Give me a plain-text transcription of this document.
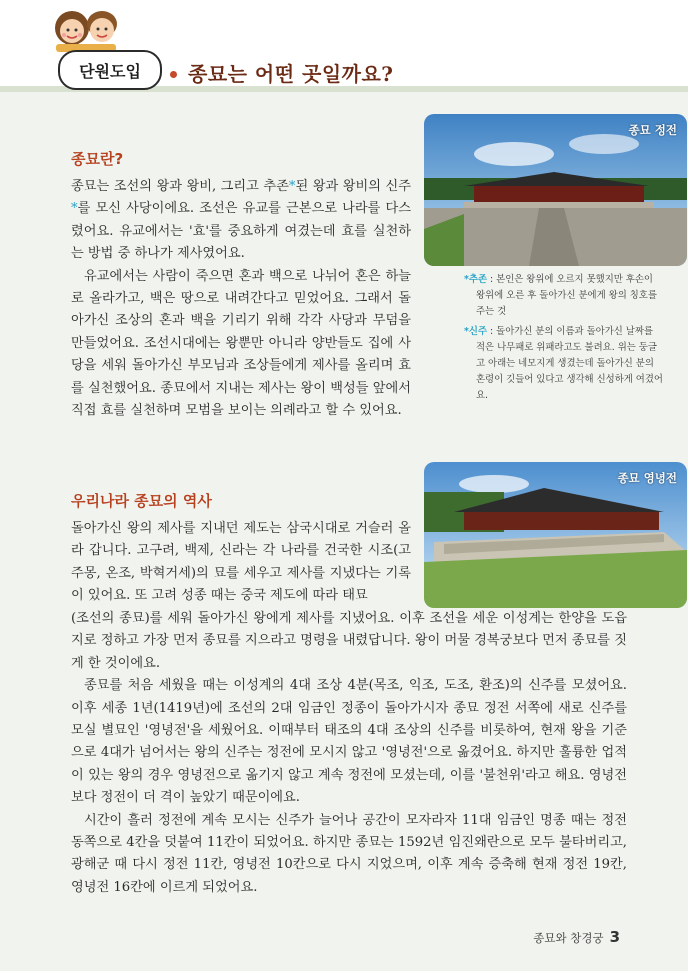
단원도입	종묘는 어떤 곳일까요?
종묘 정전
종묘란?

종묘는 조선의 왕과 왕비, 그리고 추존*된 왕과 왕비의 신주*를 모신 사당이에요. 조선은 유교를 근본으로 나라를 다스렸어요. 유교에서는 '효'를 중요하게 여겼는데 효를 실천하는 방법 중 하나가 제사였어요.

유교에서는 사람이 죽으면 혼과 백으로 나뉘어 혼은 하늘로 올라가고, 백은 땅으로 내려간다고 믿었어요. 그래서 돌아가신 조상의 혼과 백을 기리기 위해 각각 사당과 무덤을 만들었어요. 조선시대에는 왕뿐만 아니라 양반들도 집에 사당을 세워 돌아가신 부모님과 조상들에게 제사를 올리며 효를 실천했어요. 종묘에서 지내는 제사는 왕이 백성들 앞에서 직접 효를 실천하며 모범을 보이는 의례라고 할 수 있어요.

*추존 : 본인은 왕위에 오르지 못했지만 후손이 왕위에 오른 후 돌아가신 분에게 왕의 칭호를 주는 것
*신주 : 돌아가신 분의 이름과 돌아가신 날짜를 적은 나무패로 위패라고도 불려요. 위는 둥글고 아래는 네모지게 생겼는데 돌아가신 분의 혼령이 깃들어 있다고 생각해 신성하게 여겼어요.
종묘 영녕전
우리나라 종묘의 역사

돌아가신 왕의 제사를 지내던 제도는 삼국시대로 거슬러 올라 갑니다. 고구려, 백제, 신라는 각 나라를 건국한 시조(고주몽, 온조, 박혁거세)의 묘를 세우고 제사를 지냈다는 기록이 있어요. 또 고려 성종 때는 중국 제도에 따라 태묘

(조선의 종묘)를 세워 돌아가신 왕에게 제사를 지냈어요. 이후 조선을 세운 이성계는 한양을 도읍지로 정하고 가장 먼저 종묘를 지으라고 명령을 내렸답니다. 왕이 머물 경복궁보다 먼저 종묘를 짓게 한 것이에요.

종묘를 처음 세웠을 때는 이성계의 4대 조상 4분(목조, 익조, 도조, 환조)의 신주를 모셨어요. 이후 세종 1년(1419년)에 조선의 2대 임금인 정종이 돌아가시자 종묘 정전 서쪽에 새로 신주를 모실 별묘인 '영녕전'을 세웠어요. 이때부터 태조의 4대 조상의 신주를 비롯하여, 현재 왕을 기준으로 4대가 넘어서는 왕의 신주는 정전에 모시지 않고 '영녕전'으로 옮겼어요. 하지만 훌륭한 업적이 있는 왕의 경우 영녕전으로 옮기지 않고 계속 정전에 모셨는데, 이를 '불천위'라고 해요. 영녕전보다 정전이 더 격이 높았기 때문이에요.

시간이 흘러 정전에 계속 모시는 신주가 늘어나 공간이 모자라자 11대 임금인 명종 때는 정전 동쪽으로 4칸을 덧붙여 11칸이 되었어요. 하지만 종묘는 1592년 임진왜란으로 모두 불타버리고, 광해군 때 다시 정전 11칸, 영녕전 10칸으로 다시 지었으며, 이후 계속 증축해 현재 정전 19칸, 영녕전 16칸에 이르게 되었어요.

종묘와 창경궁 3
